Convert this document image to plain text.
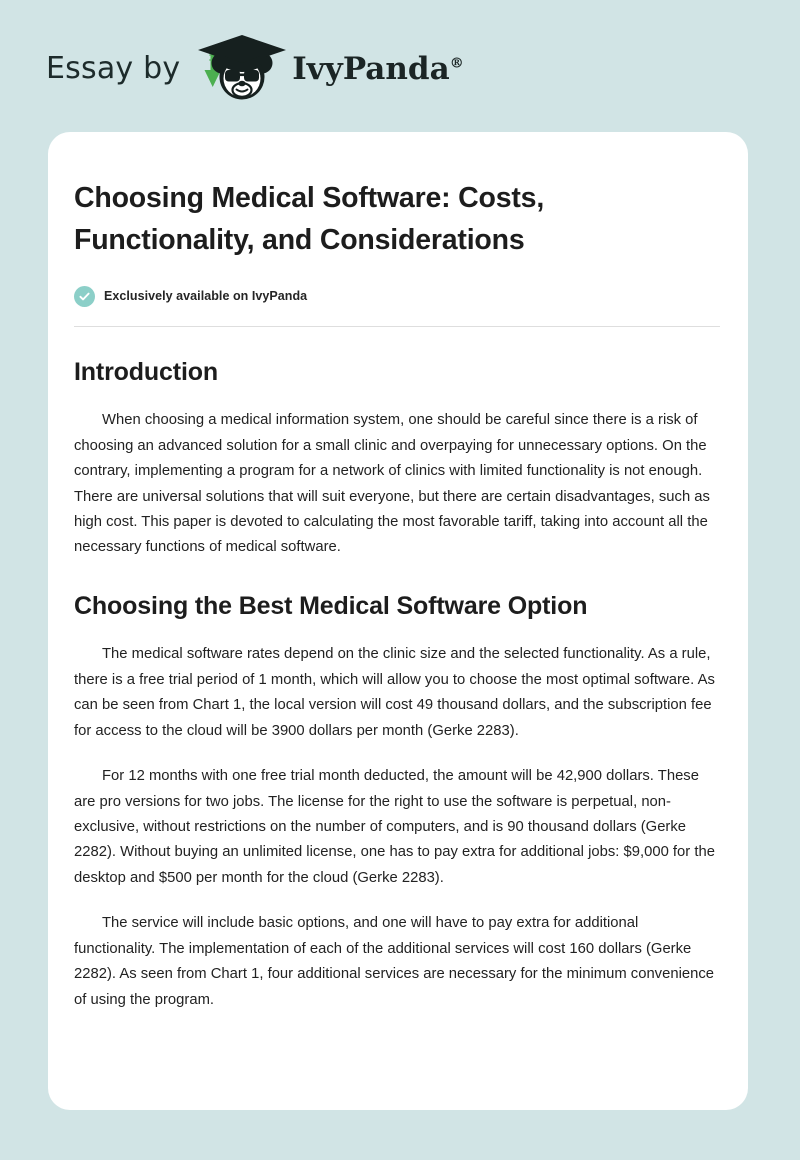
Essay by	IvyPanda®
Choosing Medical Software: Costs, Functionality, and Considerations
Exclusively available on IvyPanda
Introduction

When choosing a medical information system, one should be careful since there is a risk of choosing an advanced solution for a small clinic and overpaying for unnecessary options. On the contrary, implementing a program for a network of clinics with limited functionality is not enough. There are universal solutions that will suit everyone, but there are certain disadvantages, such as high cost. This paper is devoted to calculating the most favorable tariff, taking into account all the necessary functions of medical software.

Choosing the Best Medical Software Option

The medical software rates depend on the clinic size and the selected functionality. As a rule, there is a free trial period of 1 month, which will allow you to choose the most optimal software. As can be seen from Chart 1, the local version will cost 49 thousand dollars, and the subscription fee for access to the cloud will be 3900 dollars per month (Gerke 2283).

For 12 months with one free trial month deducted, the amount will be 42,900 dollars. These are pro versions for two jobs. The license for the right to use the software is perpetual, non-exclusive, without restrictions on the number of computers, and is 90 thousand dollars (Gerke 2282). Without buying an unlimited license, one has to pay extra for additional jobs: $9,000 for the desktop and $500 per month for the cloud (Gerke 2283).

The service will include basic options, and one will have to pay extra for additional functionality. The implementation of each of the additional services will cost 160 dollars (Gerke 2282). As seen from Chart 1, four additional services are necessary for the minimum convenience of using the program.
